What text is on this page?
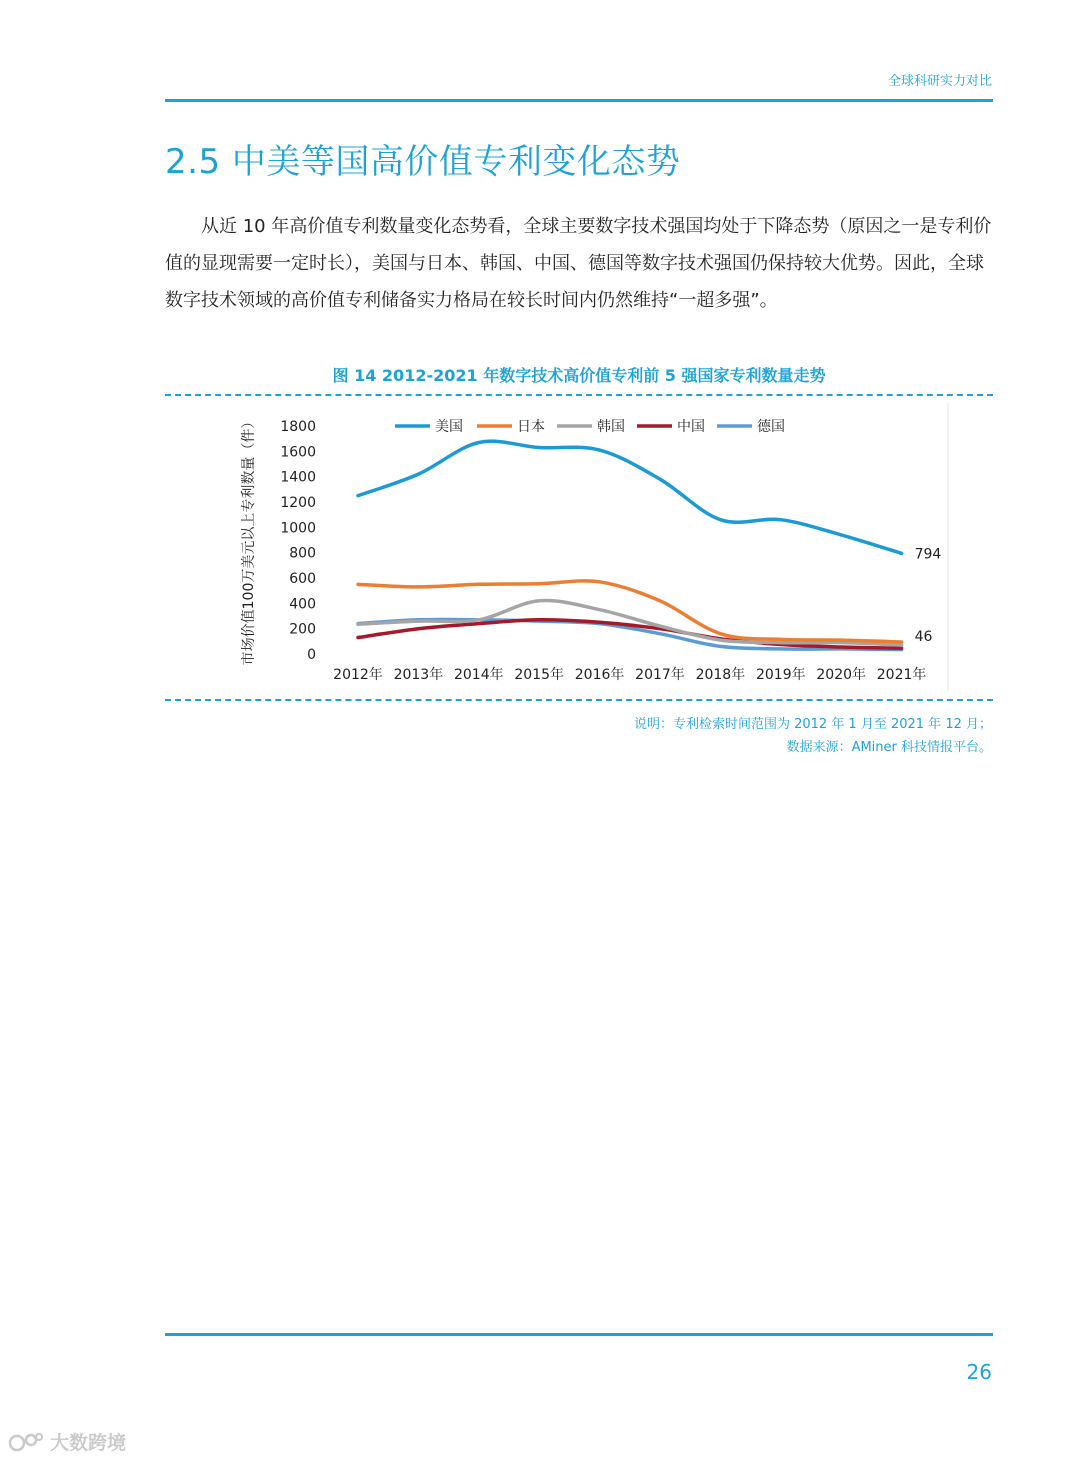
全球科研实力对比
2.5 中美等国高价值专利变化态势

从近 10 年高价值专利数量变化态势看，全球主要数字技术强国均处于下降态势（原因之一是专利价值的显现需要一定时长），美国与日本、韩国、中国、德国等数字技术强国仍保持较大优势。因此，全球数字技术领域的高价值专利储备实力格局在较长时间内仍然维持“一超多强”。

图 14 2012-2021 年数字技术高价值专利前 5 强国家专利数量走势
市场价值100万美元以上专利数量（件）	0
200
400
600
800
1000
1200
1400
1600
1800
2012年 2013年 2014年 2015年 2016年 2017年 2018年 2019年 2020年 2021年
794
46
美国	日本	韩国	中国	德国
说明：专利检索时间范围为 2012 年 1 月至 2021 年 12 月；
数据来源：AMiner 科技情报平台。
26
大数跨境
